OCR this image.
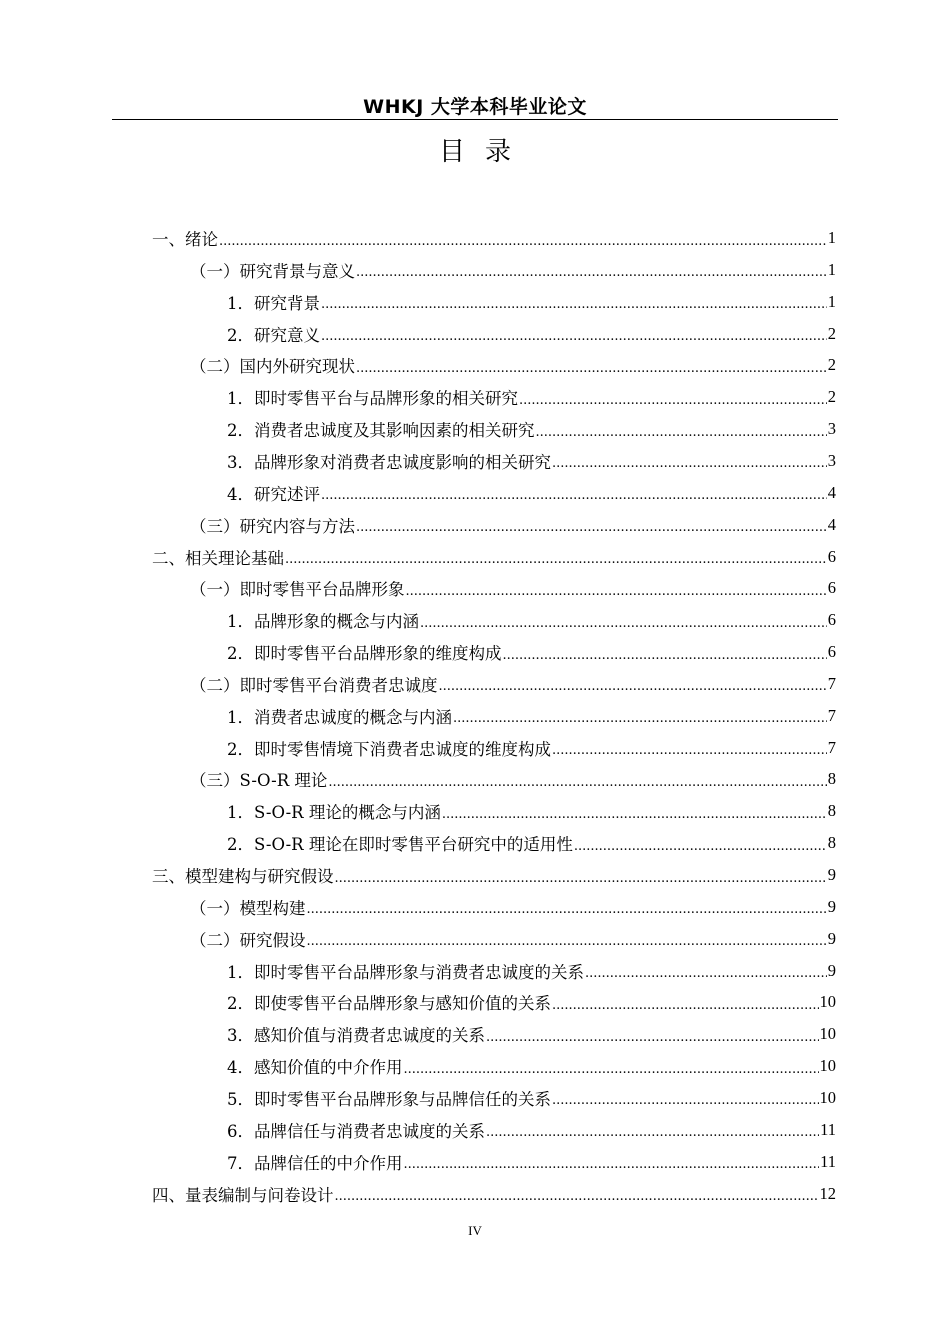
WHKJ 大学本科毕业论文
目录
一、绪论 .....	1
（一）研究背景与意义 .....	1
1．研究背景 .....	1
2．研究意义 .....	2
（二）国内外研究现状 .....	2
1．即时零售平台与品牌形象的相关研究 .....	2
2．消费者忠诚度及其影响因素的相关研究 .....	3
3．品牌形象对消费者忠诚度影响的相关研究 .....	3
4．研究述评 .....	4
（三）研究内容与方法 .....	4
二、相关理论基础 .....	6
（一）即时零售平台品牌形象 .....	6
1．品牌形象的概念与内涵 .....	6
2．即时零售平台品牌形象的维度构成 .....	6
（二）即时零售平台消费者忠诚度 .....	7
1．消费者忠诚度的概念与内涵 .....	7
2．即时零售情境下消费者忠诚度的维度构成 .....	7
（三）S-O-R 理论 .....	8
1．S-O-R 理论的概念与内涵 .....	8
2．S-O-R 理论在即时零售平台研究中的适用性 .....	8
三、模型建构与研究假设 .....	9
（一）模型构建 .....	9
（二）研究假设 .....	9
1．即时零售平台品牌形象与消费者忠诚度的关系 .....	9
2．即使零售平台品牌形象与感知价值的关系 .....	10
3．感知价值与消费者忠诚度的关系 .....	10
4．感知价值的中介作用 .....	10
5．即时零售平台品牌形象与品牌信任的关系 .....	10
6．品牌信任与消费者忠诚度的关系 .....	11
7．品牌信任的中介作用 .....	11
四、量表编制与问卷设计 .....	12
IV
